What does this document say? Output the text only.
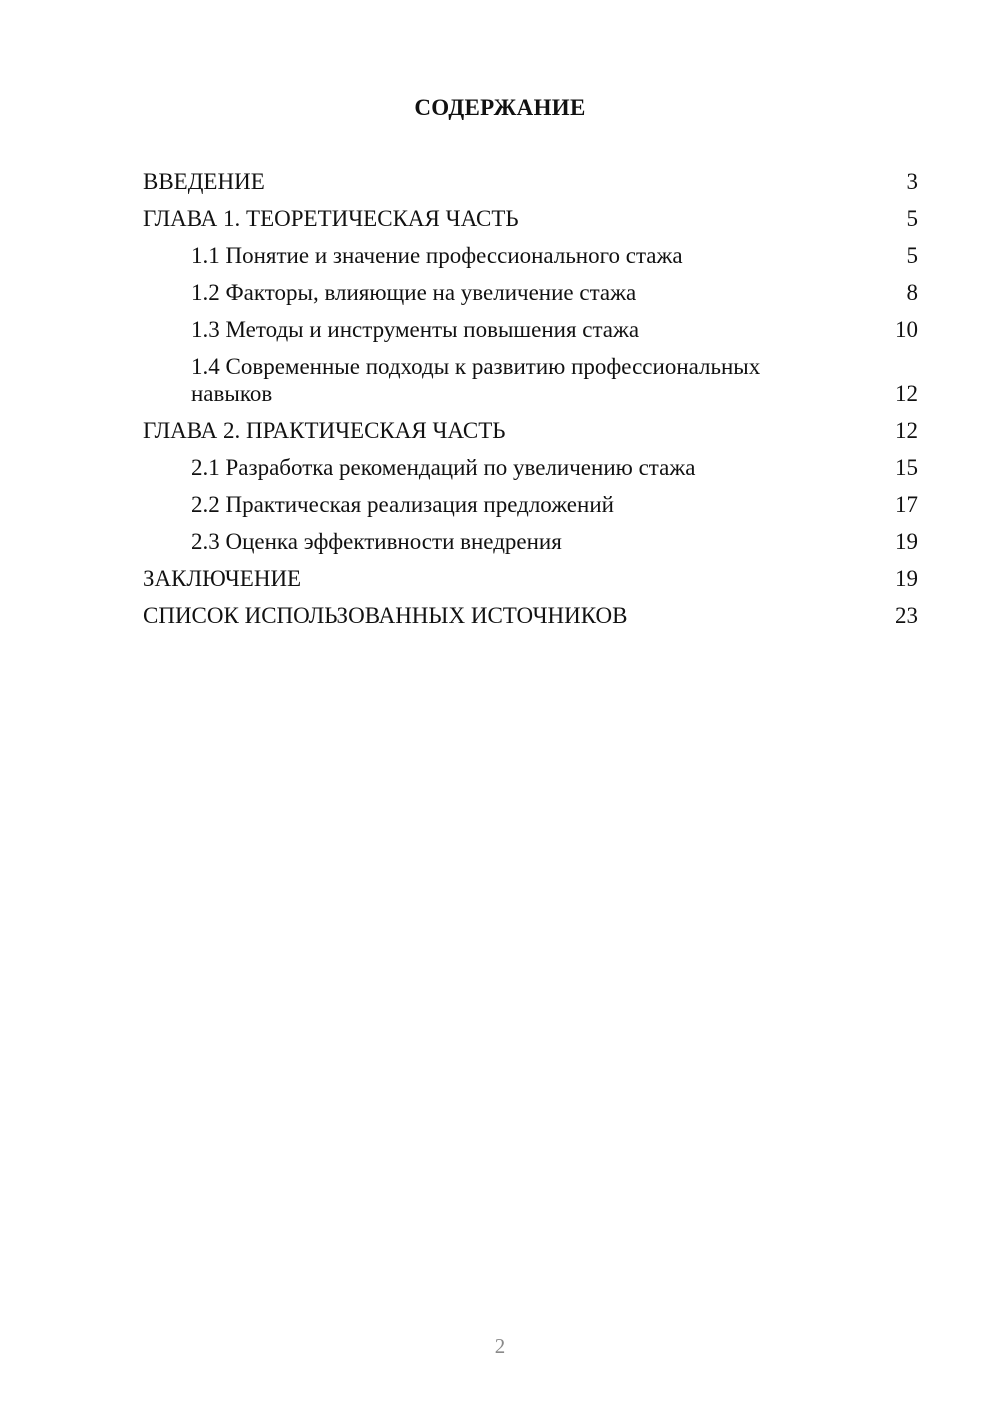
СОДЕРЖАНИЕ
ВВЕДЕНИЕ	3
ГЛАВА 1. ТЕОРЕТИЧЕСКАЯ ЧАСТЬ	5
1.1 Понятие и значение профессионального стажа	5
1.2 Факторы, влияющие на увеличение стажа	8
1.3 Методы и инструменты повышения стажа	10
1.4 Современные подходы к развитию профессиональных навыков	12
ГЛАВА 2. ПРАКТИЧЕСКАЯ ЧАСТЬ	12
2.1 Разработка рекомендаций по увеличению стажа	15
2.2 Практическая реализация предложений	17
2.3 Оценка эффективности внедрения	19
ЗАКЛЮЧЕНИЕ	19
СПИСОК ИСПОЛЬЗОВАННЫХ ИСТОЧНИКОВ	23
2
